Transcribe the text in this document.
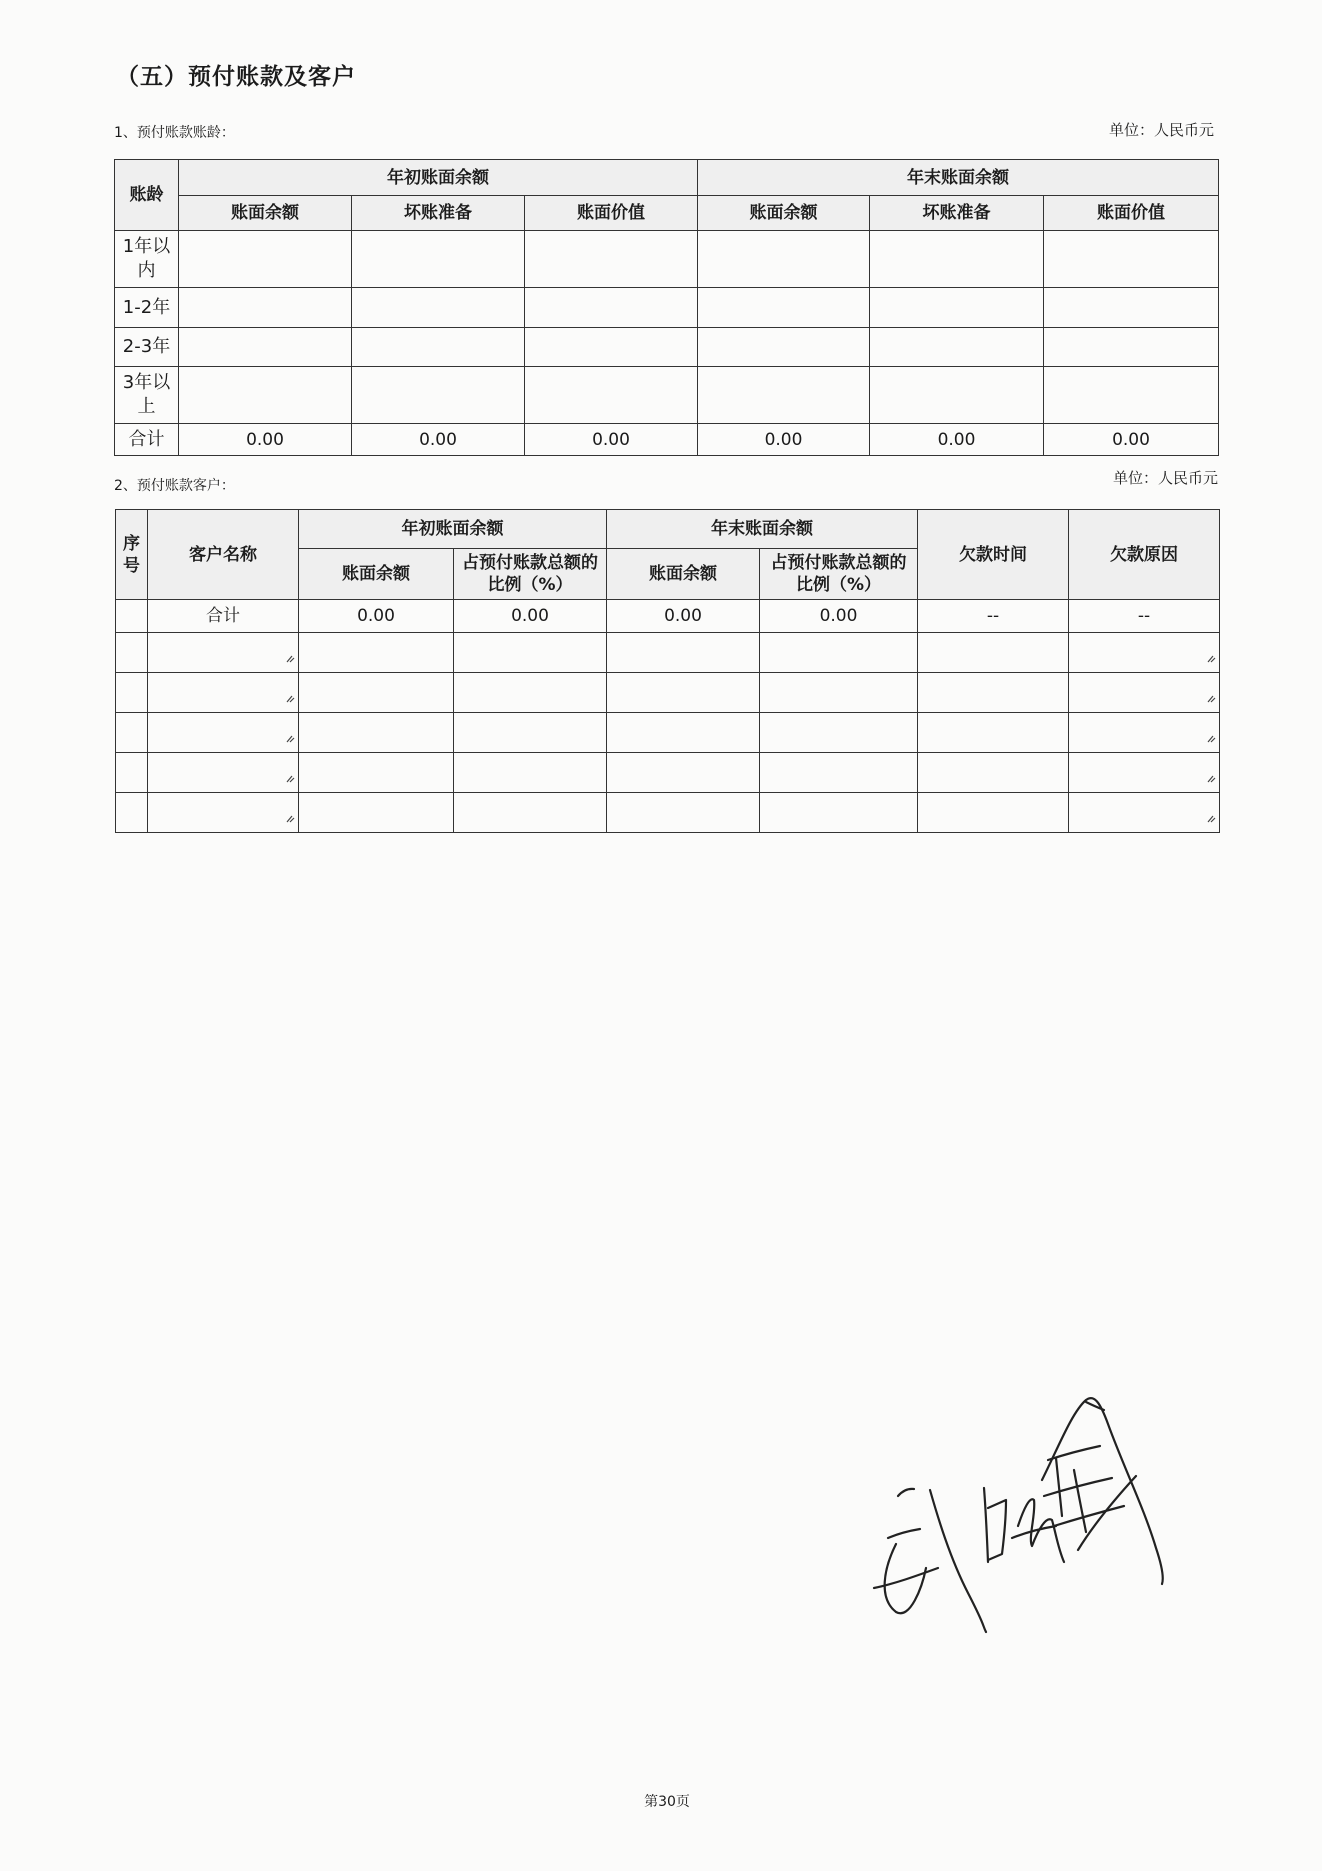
（五）预付账款及客户
1、预付账款账龄：	单位：人民币元
账龄	年初账面余额			年末账面余额		
	账面余额	坏账准备	账面价值	账面余额	坏账准备	账面价值
1年以内						
1-2年						
2-3年						
3年以上						
合计	0.00	0.00	0.00	0.00	0.00	0.00
2、预付账款客户：	单位：人民币元
序号	客户名称	年初账面余额		年末账面余额		欠款时间	欠款原因
		账面余额	占预付账款总额的比例（%）	账面余额	占预付账款总额的比例（%）		
	合计	0.00	0.00	0.00	0.00	--	--

第30页
